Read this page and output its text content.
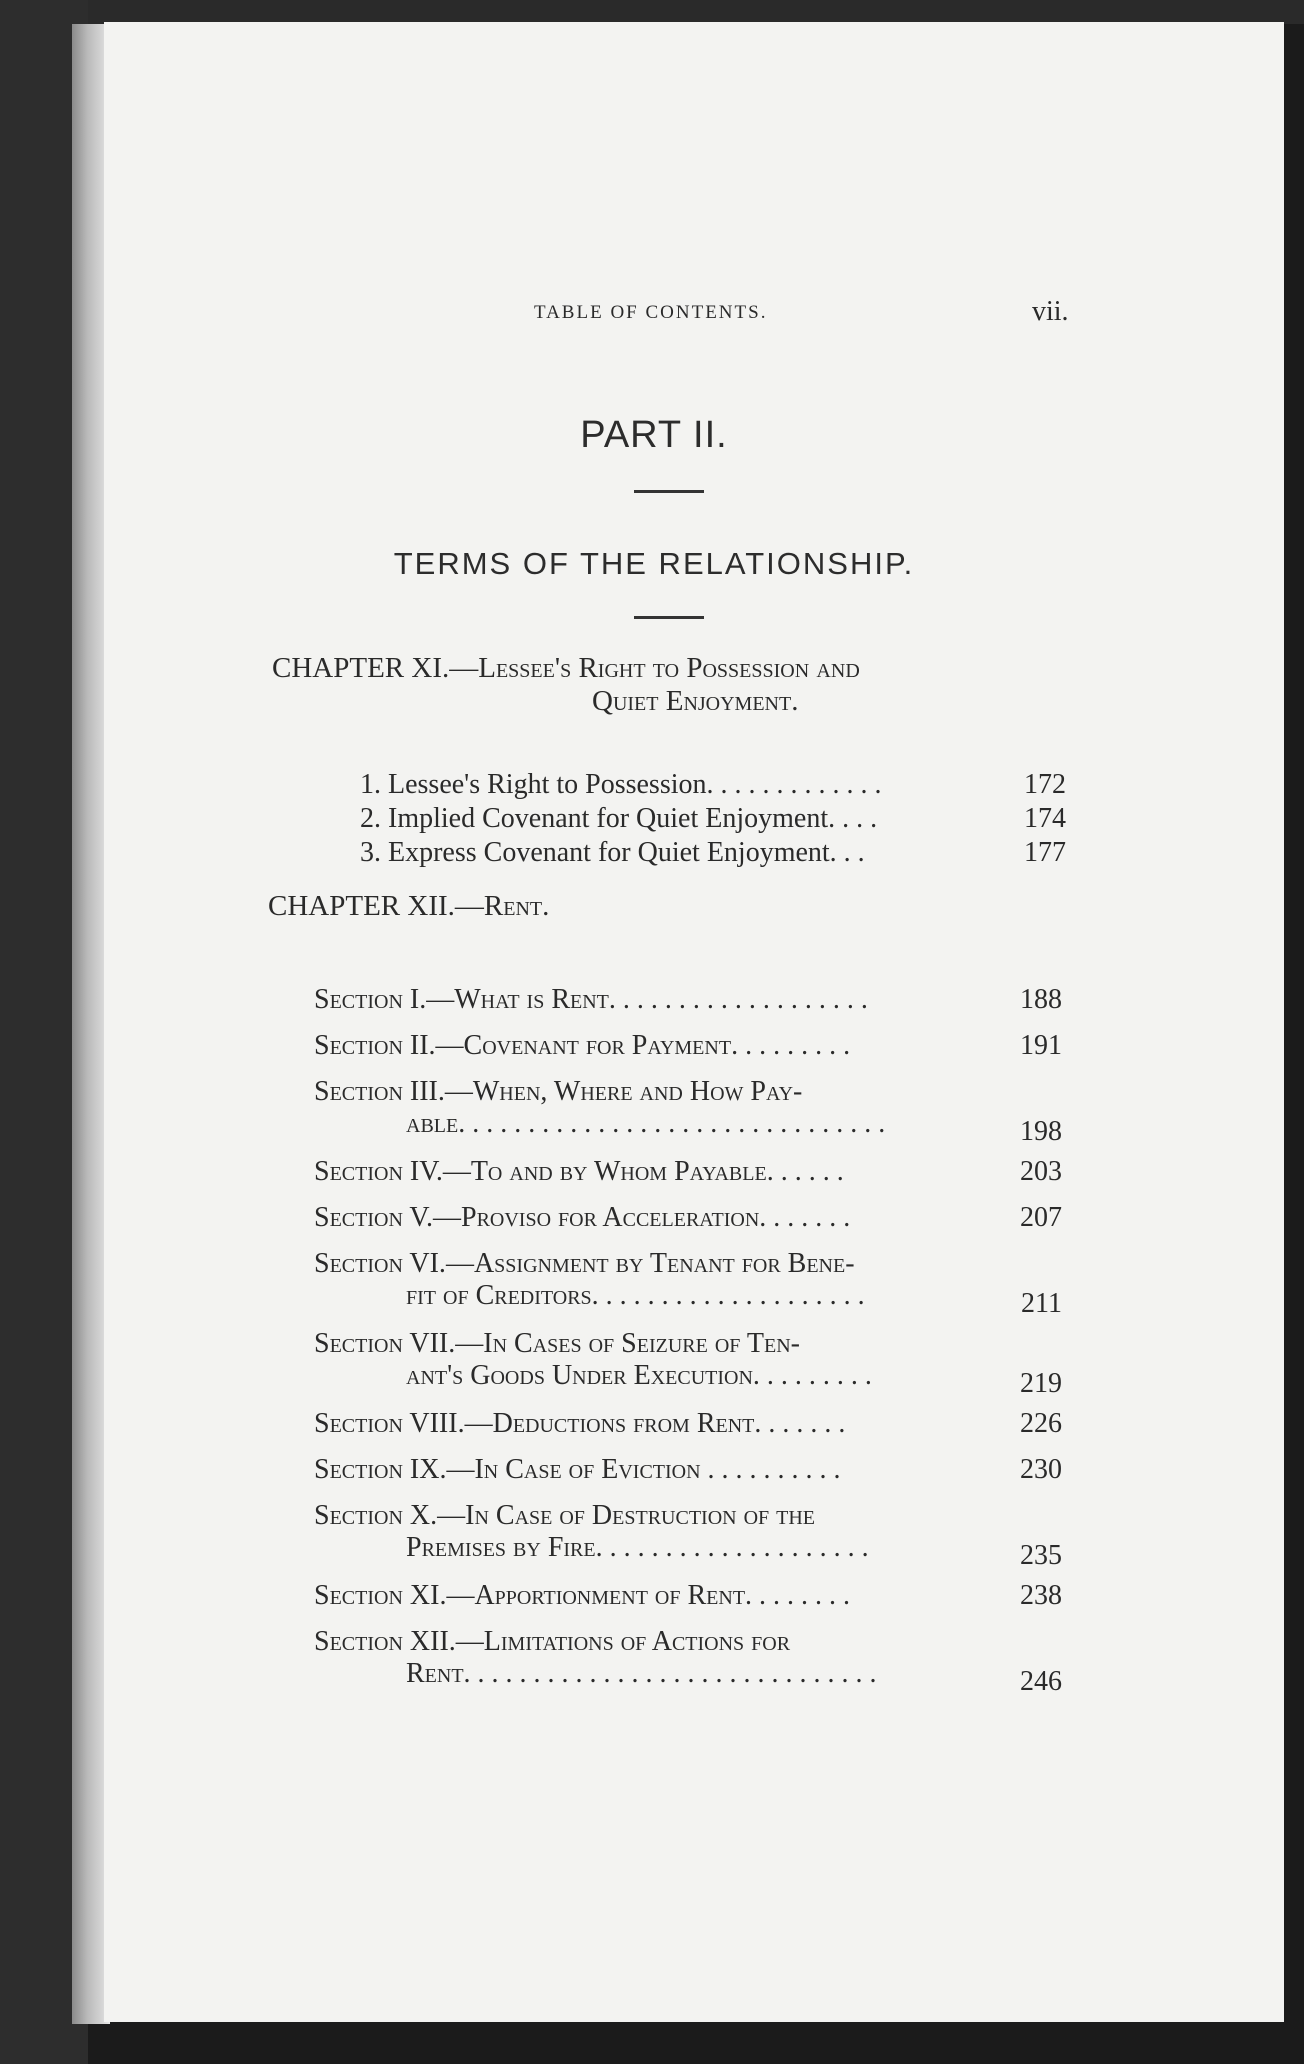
TABLE OF CONTENTS.	vii.
PART II.
TERMS OF THE RELATIONSHIP.
CHAPTER XI.—Lessee's Right to Possession and
Quiet Enjoyment.
1. Lessee's Right to Possession. . . . . . . . . . . . .	172
2. Implied Covenant for Quiet Enjoyment. . . .	174
3. Express Covenant for Quiet Enjoyment. . .	177
CHAPTER XII.—Rent.
Section I.—What is Rent. . . . . . . . . . . . . . . . . . .	188
Section II.—Covenant for Payment. . . . . . . . .	191
Section III.—When, Where and How Pay-
able. . . . . . . . . . . . . . . . . . . . . . . . . . . . . . .	198
Section IV.—To and by Whom Payable. . . . . .	203
Section V.—Proviso for Acceleration. . . . . . .	207
Section VI.—Assignment by Tenant for Bene-
fit of Creditors. . . . . . . . . . . . . . . . . . . .	211
Section VII.—In Cases of Seizure of Ten-
ant's Goods Under Execution. . . . . . . . .	219
Section VIII.—Deductions from Rent. . . . . . .	226
Section IX.—In Case of Eviction . . . . . . . . . .	230
Section X.—In Case of Destruction of the
Premises by Fire. . . . . . . . . . . . . . . . . . . .	235
Section XI.—Apportionment of Rent. . . . . . . .	238
Section XII.—Limitations of Actions for
Rent. . . . . . . . . . . . . . . . . . . . . . . . . . . . . .	246
